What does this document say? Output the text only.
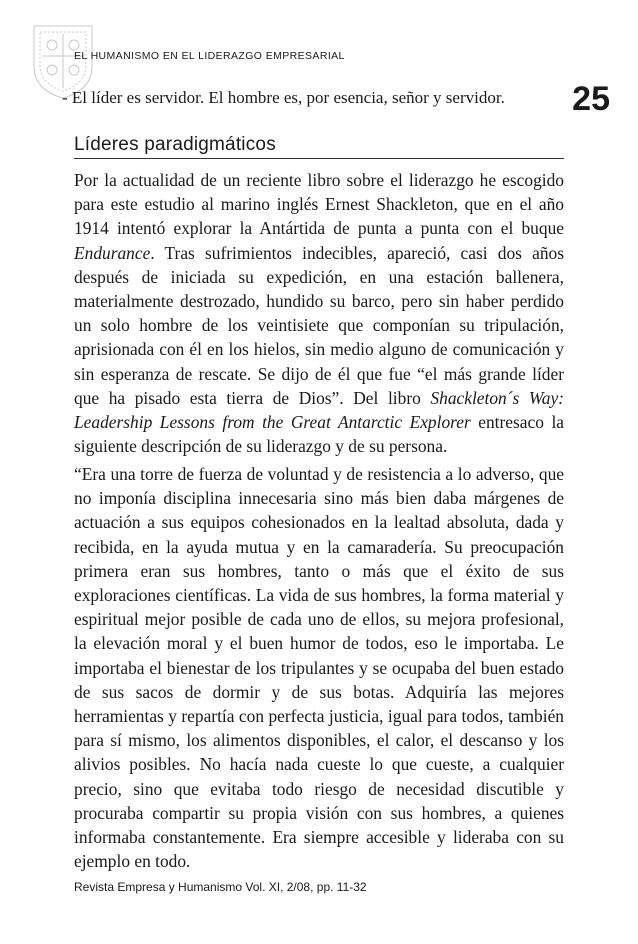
EL HUMANISMO EN EL LIDERAZGO EMPRESARIAL

- El líder es servidor. El hombre es, por esencia, señor y servidor. 25

Líderes paradigmáticos

Por la actualidad de un reciente libro sobre el liderazgo he escogido para este estudio al marino inglés Ernest Shackleton, que en el año 1914 intentó explorar la Antártida de punta a punta con el buque Endurance. Tras sufrimientos indecibles, apareció, casi dos años después de iniciada su expedición, en una estación ballenera, materialmente destrozado, hundido su barco, pero sin haber perdido un solo hombre de los veintisiete que componían su tripulación, aprisionada con él en los hielos, sin medio alguno de comunicación y sin esperanza de rescate. Se dijo de él que fue “el más grande líder que ha pisado esta tierra de Dios”. Del libro Shackleton´s Way: Leadership Lessons from the Great Antarctic Explorer entresaco la siguiente descripción de su liderazgo y de su persona.

“Era una torre de fuerza de voluntad y de resistencia a lo adverso, que no imponía disciplina innecesaria sino más bien daba márgenes de actuación a sus equipos cohesionados en la lealtad absoluta, dada y recibida, en la ayuda mutua y en la camaradería. Su preocupación primera eran sus hombres, tanto o más que el éxito de sus exploraciones científicas. La vida de sus hombres, la forma material y espiritual mejor posible de cada uno de ellos, su mejora profesional, la elevación moral y el buen humor de todos, eso le importaba. Le importaba el bienestar de los tripulantes y se ocupaba del buen estado de sus sacos de dormir y de sus botas. Adquiría las mejores herramientas y repartía con perfecta justicia, igual para todos, también para sí mismo, los alimentos disponibles, el calor, el descanso y los alivios posibles. No hacía nada cueste lo que cueste, a cualquier precio, sino que evitaba todo riesgo de necesidad discutible y procuraba compartir su propia visión con sus hombres, a quienes informaba constantemente. Era siempre accesible y lideraba con su ejemplo en todo.

Revista Empresa y Humanismo Vol. XI, 2/08, pp. 11-32
